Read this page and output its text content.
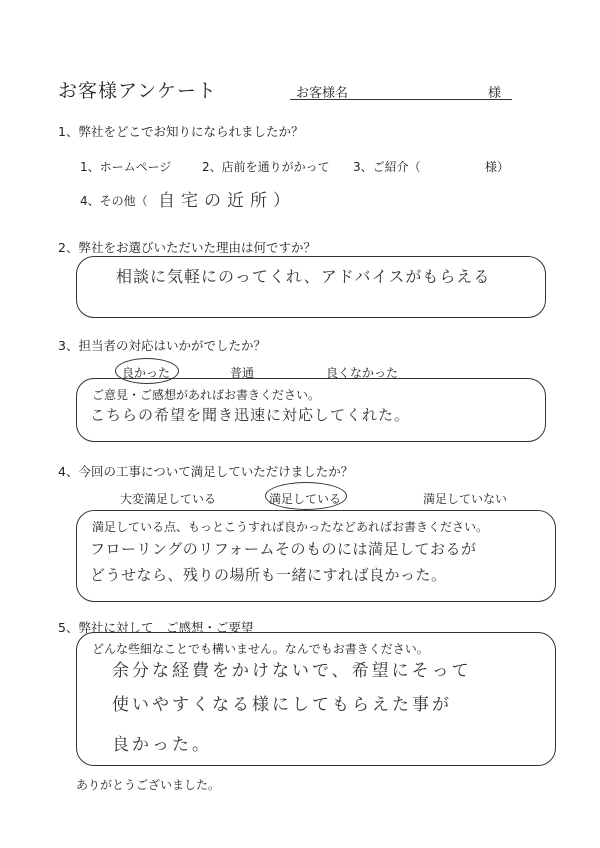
お客様アンケート	お客様名	様
1、弊社をどこでお知りになられましたか？
1、ホームページ	2、店前を通りがかって 3、ご紹介（	様）
4、その他（ 自宅の近所）
2、弊社をお選びいただいた理由は何ですか？
相談に気軽にのってくれ、アドバイスがもらえる
3、担当者の対応はいかがでしたか？
良かった	普通	良くなかった
ご意見・ご感想があればお書きください。
こちらの希望を聞き迅速に対応してくれた。
4、今回の工事について満足していただけましたか？
大変満足している	満足している	満足していない
満足している点、もっとこうすれば良かったなどあればお書きください。
フローリングのリフォームそのものには満足しておるが
どうせなら、残りの場所も一緒にすれば良かった。
5、弊社に対して　ご感想・ご要望
どんな些細なことでも構いません。なんでもお書きください。
余分な経費をかけないで、希望にそって
使いやすくなる様にしてもらえた事が
良かった。
ありがとうございました。
